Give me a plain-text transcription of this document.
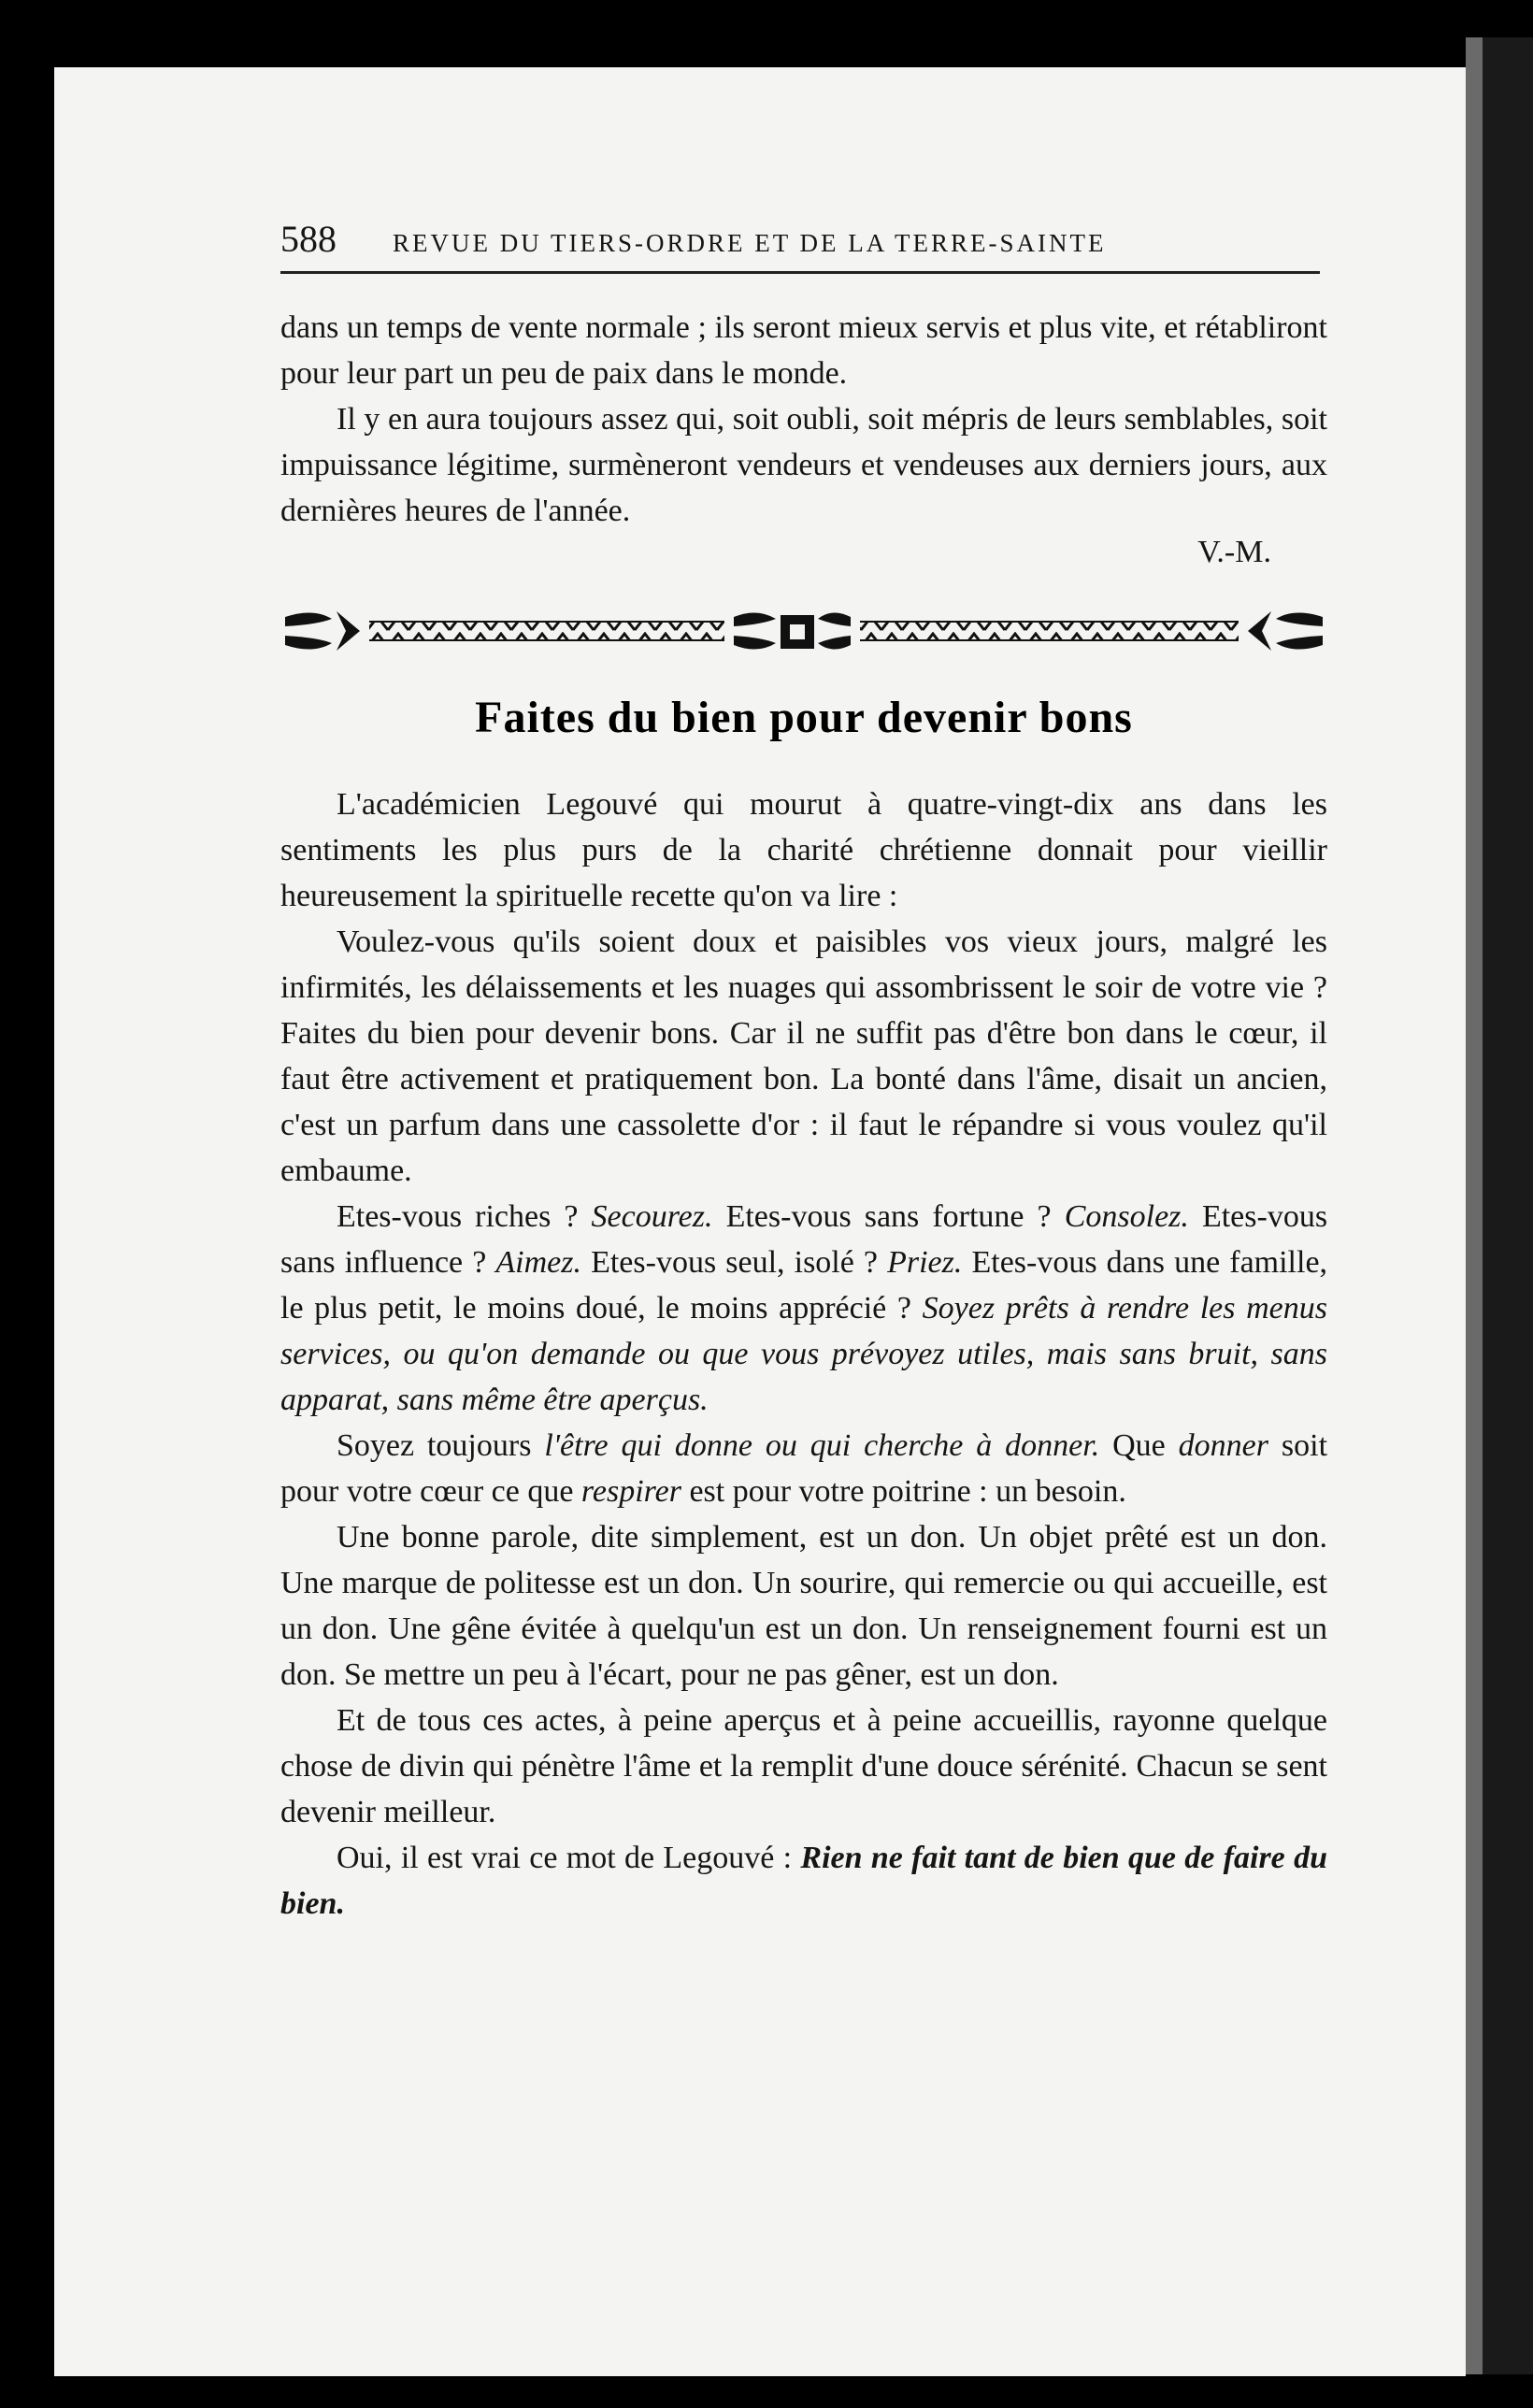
588	REVUE DU TIERS-ORDRE ET DE LA TERRE-SAINTE

dans un temps de vente normale ; ils seront mieux servis et plus vite, et rétabliront pour leur part un peu de paix dans le monde.

Il y en aura toujours assez qui, soit oubli, soit mépris de leurs semblables, soit impuissance légitime, surmèneront vendeurs et vendeuses aux derniers jours, aux dernières heures de l'année.

V.-M.

Faites du bien pour devenir bons

L'académicien Legouvé qui mourut à quatre-vingt-dix ans dans les sentiments les plus purs de la charité chrétienne donnait pour vieillir heureusement la spirituelle recette qu'on va lire :

Voulez-vous qu'ils soient doux et paisibles vos vieux jours, malgré les infirmités, les délaissements et les nuages qui assombrissent le soir de votre vie ? Faites du bien pour devenir bons. Car il ne suffit pas d'être bon dans le cœur, il faut être activement et pratiquement bon. La bonté dans l'âme, disait un ancien, c'est un parfum dans une cassolette d'or : il faut le répandre si vous voulez qu'il embaume.

Etes-vous riches ? Secourez. Etes-vous sans fortune ? Consolez. Etes-vous sans influence ? Aimez. Etes-vous seul, isolé ? Priez. Etes-vous dans une famille, le plus petit, le moins doué, le moins apprécié ? Soyez prêts à rendre les menus services, ou qu'on demande ou que vous prévoyez utiles, mais sans bruit, sans apparat, sans même être aperçus.

Soyez toujours l'être qui donne ou qui cherche à donner. Que donner soit pour votre cœur ce que respirer est pour votre poitrine : un besoin.

Une bonne parole, dite simplement, est un don. Un objet prêté est un don. Une marque de politesse est un don. Un sourire, qui remercie ou qui accueille, est un don. Une gêne évitée à quelqu'un est un don. Un renseignement fourni est un don. Se mettre un peu à l'écart, pour ne pas gêner, est un don.

Et de tous ces actes, à peine aperçus et à peine accueillis, rayonne quelque chose de divin qui pénètre l'âme et la remplit d'une douce sérénité. Chacun se sent devenir meilleur.

Oui, il est vrai ce mot de Legouvé : Rien ne fait tant de bien que de faire du bien.
